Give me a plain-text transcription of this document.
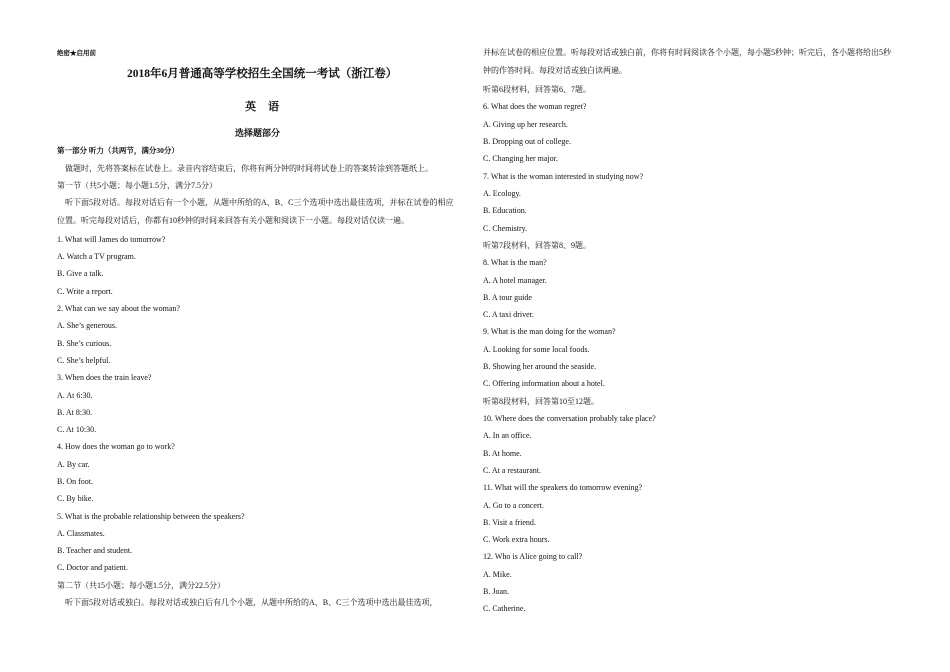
绝密★启用前
2018年6月普通高等学校招生全国统一考试（浙江卷）
英语
选择题部分
第一部分 听力（共两节，满分30分）
做题时，先将答案标在试卷上。录音内容结束后，你将有两分钟的时间将试卷上的答案转涂到答题纸上。
第一节（共5小题；每小题1.5分，满分7.5分）
听下面5段对话。每段对话后有一个小题，从题中所给的A、B、C三个选项中选出最佳选项，并标在试卷的相应位置。听完每段对话后，你都有10秒钟的时间来回答有关小题和阅读下一小题。每段对话仅读一遍。
1. What will James do tomorrow?
A. Watch a TV program.
B. Give a talk.
C. Write a report.
2. What can we say about the woman?
A. She’s generous.
B. She’s curious.
C. She’s helpful.
3. When does the train leave?
A. At 6:30.
B. At 8:30.
C. At 10:30.
4. How does the woman go to work?
A. By car.
B. On foot.
C. By bike.
5. What is the probable relationship between the speakers?
A. Classmates.
B. Teacher and student.
C. Doctor and patient.
第二节（共15小题；每小题1.5分，满分22.5分）
听下面5段对话或独白。每段对话或独白后有几个小题，从题中所给的A、B、C三个选项中选出最佳选项，
并标在试卷的相应位置。听每段对话或独白前，你将有时间阅读各个小题，每小题5秒钟；听完后，各小题将给出5秒钟的作答时间。每段对话或独白读两遍。
听第6段材料，回答第6、7题。
6. What does the woman regret?
A. Giving up her research.
B. Dropping out of college.
C. Changing her major.
7. What is the woman interested in studying now?
A. Ecology.
B. Education.
C. Chemistry.
听第7段材料，回答第8、9题。
8. What is the man?
A. A hotel manager.
B. A tour guide
C. A taxi driver.
9. What is the man doing for the woman?
A. Looking for some local foods.
B. Showing her around the seaside.
C. Offering information about a hotel.
听第8段材料，回答第10至12题。
10. Where does the conversation probably take place?
A. In an office.
B. At home.
C. At a restaurant.
11. What will the speakers do tomorrow evening?
A. Go to a concert.
B. Visit a friend.
C. Work extra hours.
12. Who is Alice going to call?
A. Mike.
B. Joan.
C. Catherine.
